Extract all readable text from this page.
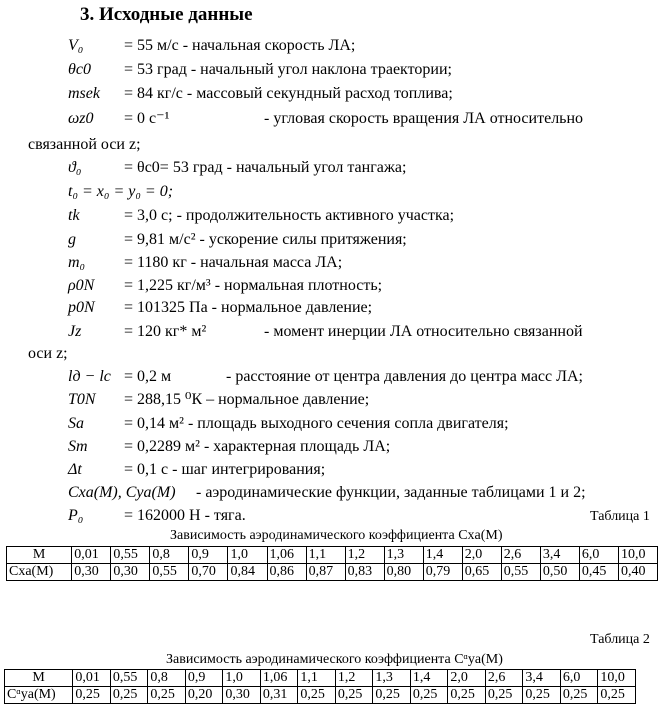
3. Исходные данные
V₀	= 55 м/с - начальная скорость ЛА;
θc0 = 53 град - начальный угол наклона траектории;
msek = 84 кг/с - массовый секундный расход топлива;
ωz0 = 0 с⁻¹	- угловая скорость вращения ЛА относительно
связанной оси z;
ϑ₀	= θc0= 53 град - начальный угол тангажа;
t₀ = x₀ = y₀ = 0;
tk	= 3,0 с; - продолжительность активного участка;
g	= 9,81 м/с² - ускорение силы притяжения;
m₀ = 1180 кг - начальная масса ЛА;
ρ0N = 1,225 кг/м³ - нормальная плотность;
p0N = 101325 Па - нормальное давление;
Jz	= 120 кг* м²	- момент инерции ЛА относительно связанной
оси z;
lд − lc = 0,2 м	- расстояние от центра давления до центра масс ЛА;
T0N = 288,15 ⁰К – нормальное давление;
Sa	= 0,14 м² - площадь выходного сечения сопла двигателя;
Sm = 0,2289 м² - характерная площадь ЛА;
Δt	= 0,1 с - шаг интегрирования;
Cxa(M), Cya(M) - аэродинамические функции, заданные таблицами 1 и 2;
P₀	= 162000 Н - тяга.	Таблица 1
Зависимость аэродинамического коэффициента Cxa(M)
M	0,01	0,55	0,8	0,9	1,0	1,06	1,1	1,2	1,3	1,4	2,0	2,6	3,4	6,0	10,0
Cxa(M)	0,30	0,30	0,55	0,70	0,84	0,86	0,87	0,83	0,80	0,79	0,65	0,55	0,50	0,45	0,40
Таблица 2
Зависимость аэродинамического коэффициента Cᵅya(M)
M	0,01	0,55	0,8	0,9	1,0	1,06	1,1	1,2	1,3	1,4	2,0	2,6	3,4	6,0	10,0
Cᵅya(M)	0,25	0,25	0,25	0,20	0,30	0,31	0,25	0,25	0,25	0,25	0,25	0,25	0,25	0,25	0,25
